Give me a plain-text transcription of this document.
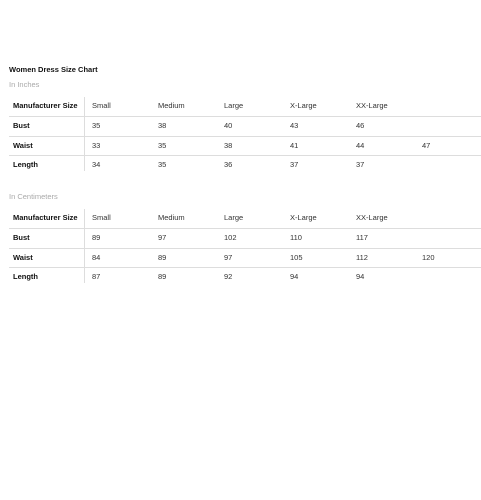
Women Dress Size Chart
In Inches
Manufacturer Size	Small	Medium	Large	X-Large	XX-Large
Bust	35	38	40	43	46
Waist	33	35	38	41	44	47
Length	34	35	36	37	37
In Centimeters
Manufacturer Size	Small	Medium	Large	X-Large	XX-Large
Bust	89	97	102	110	117
Waist	84	89	97	105	112	120
Length	87	89	92	94	94
